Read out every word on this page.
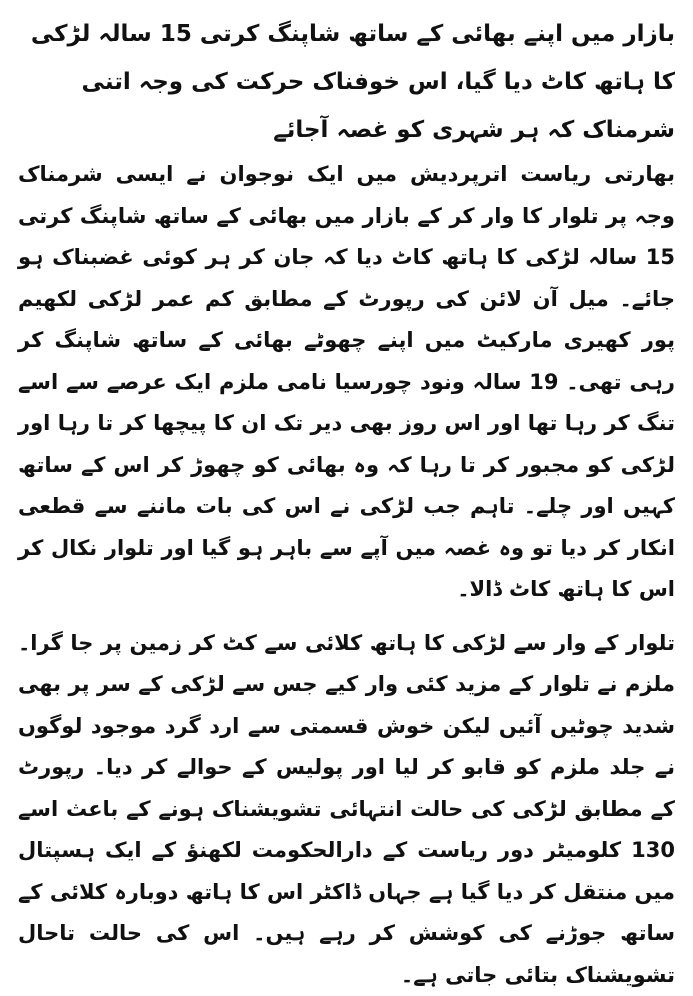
بازار میں اپنے بھائی کے ساتھ شاپنگ کرتی 15 سالہ لڑکی کا ہاتھ کاٹ دیا گیا، اس خوفناک حرکت کی وجہ اتنی شرمناک کہ ہر شہری کو غصہ آجائے

بھارتی ریاست اترپردیش میں ایک نوجوان نے ایسی شرمناک وجہ پر تلوار کا وار کر کے بازار میں بھائی کے ساتھ شاپنگ کرتی 15 سالہ لڑکی کا ہاتھ کاٹ دیا کہ جان کر ہر کوئی غضبناک ہو جائے۔ میل آن لائن کی رپورٹ کے مطابق کم عمر لڑکی لکھیم پور کھیری مارکیٹ میں اپنے چھوٹے بھائی کے ساتھ شاپنگ کر رہی تھی۔ 19 سالہ ونود چورسیا نامی ملزم ایک عرصے سے اسے تنگ کر رہا تھا اور اس روز بھی دیر تک ان کا پیچھا کر تا رہا اور لڑکی کو مجبور کر تا رہا کہ وہ بھائی کو چھوڑ کر اس کے ساتھ کہیں اور چلے۔ تاہم جب لڑکی نے اس کی بات ماننے سے قطعی انکار کر دیا تو وہ غصہ میں آپے سے باہر ہو گیا اور تلوار نکال کر اس کا ہاتھ کاٹ ڈالا۔

تلوار کے وار سے لڑکی کا ہاتھ کلائی سے کٹ کر زمین پر جا گرا۔ ملزم نے تلوار کے مزید کئی وار کیے جس سے لڑکی کے سر پر بھی شدید چوٹیں آئیں لیکن خوش قسمتی سے ارد گرد موجود لوگوں نے جلد ملزم کو قابو کر لیا اور پولیس کے حوالے کر دیا۔ رپورٹ کے مطابق لڑکی کی حالت انتہائی تشویشناک ہونے کے باعث اسے 130 کلومیٹر دور ریاست کے دارالحکومت لکھنؤ کے ایک ہسپتال میں منتقل کر دیا گیا ہے جہاں ڈاکٹر اس کا ہاتھ دوبارہ کلائی کے ساتھ جوڑنے کی کوشش کر رہے ہیں۔ اس کی حالت تاحال تشویشناک بتائی جاتی ہے۔
